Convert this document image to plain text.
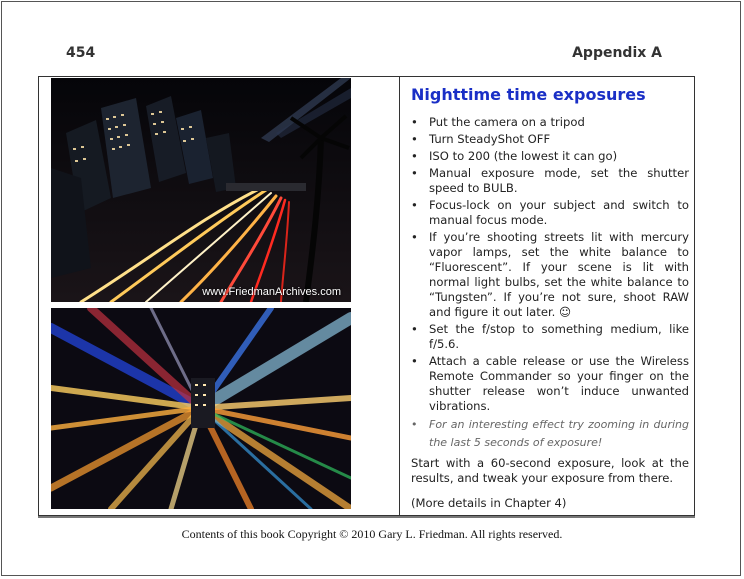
454	Appendix A
www.FriedmanArchives.com
Nighttime time exposures
• Put the camera on a tripod
• Turn SteadyShot OFF
• ISO to 200 (the lowest it can go)
• Manual exposure mode, set the shutter speed to BULB.
• Focus-lock on your subject and switch to manual focus mode.
• If you’re shooting streets lit with mercury vapor lamps, set the white balance to “Fluorescent”. If your scene is lit with normal light bulbs, set the white balance to “Tungsten”. If you’re not sure, shoot RAW and figure it out later. ☺
• Set the f/stop to something medium, like f/5.6.
• Attach a cable release or use the Wireless Remote Commander so your finger on the shutter release won’t induce unwanted vibrations.
• For an interesting effect try zooming in during the last 5 seconds of exposure!

Start with a 60-second exposure, look at the results, and tweak your exposure from there.

(More details in Chapter 4)

Contents of this book Copyright © 2010 Gary L. Friedman. All rights reserved.
